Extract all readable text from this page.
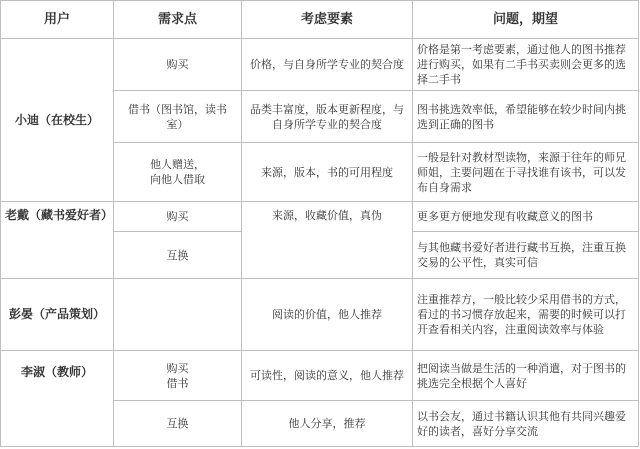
用户	需求点	考虑要素	问题，期望
小迪（在校生）	购买	价格，与自身所学专业的契合度	价格是第一考虑要素，通过他人的图书推荐进行购买，如果有二手书买卖则会更多的选择二手书

	借书（图书馆，读书
室）	品类丰富度，版本更新程度，与
自身所学专业的契合度	图书挑选效率低，希望能够在较少时间内挑选到正确的图书

	他人赠送，
向他人借取	来源，版本，书的可用程度	一般是针对教材型读物，来源于往年的师兄师姐，主要问题在于寻找谁有该书，可以发布自身需求

老戴（藏书爱好者）	购买	来源，收藏价值，真伪	更多更方便地发现有收藏意义的图书

	互换		与其他藏书爱好者进行藏书互换，注重互换交易的公平性，真实可信

彭晏（产品策划）		阅读的价值，他人推荐	注重推荐方，一般比较少采用借书的方式，看过的书习惯存放起来，需要的时候可以打开查看相关内容，注重阅读效率与体验

李淑（教师）	购买
借书	可读性，阅读的意义，他人推荐	把阅读当做是生活的一种消遣，对于图书的挑选完全根据个人喜好

	互换	他人分享，推荐	以书会友，通过书籍认识其他有共同兴趣爱好的读者，喜好分享交流
